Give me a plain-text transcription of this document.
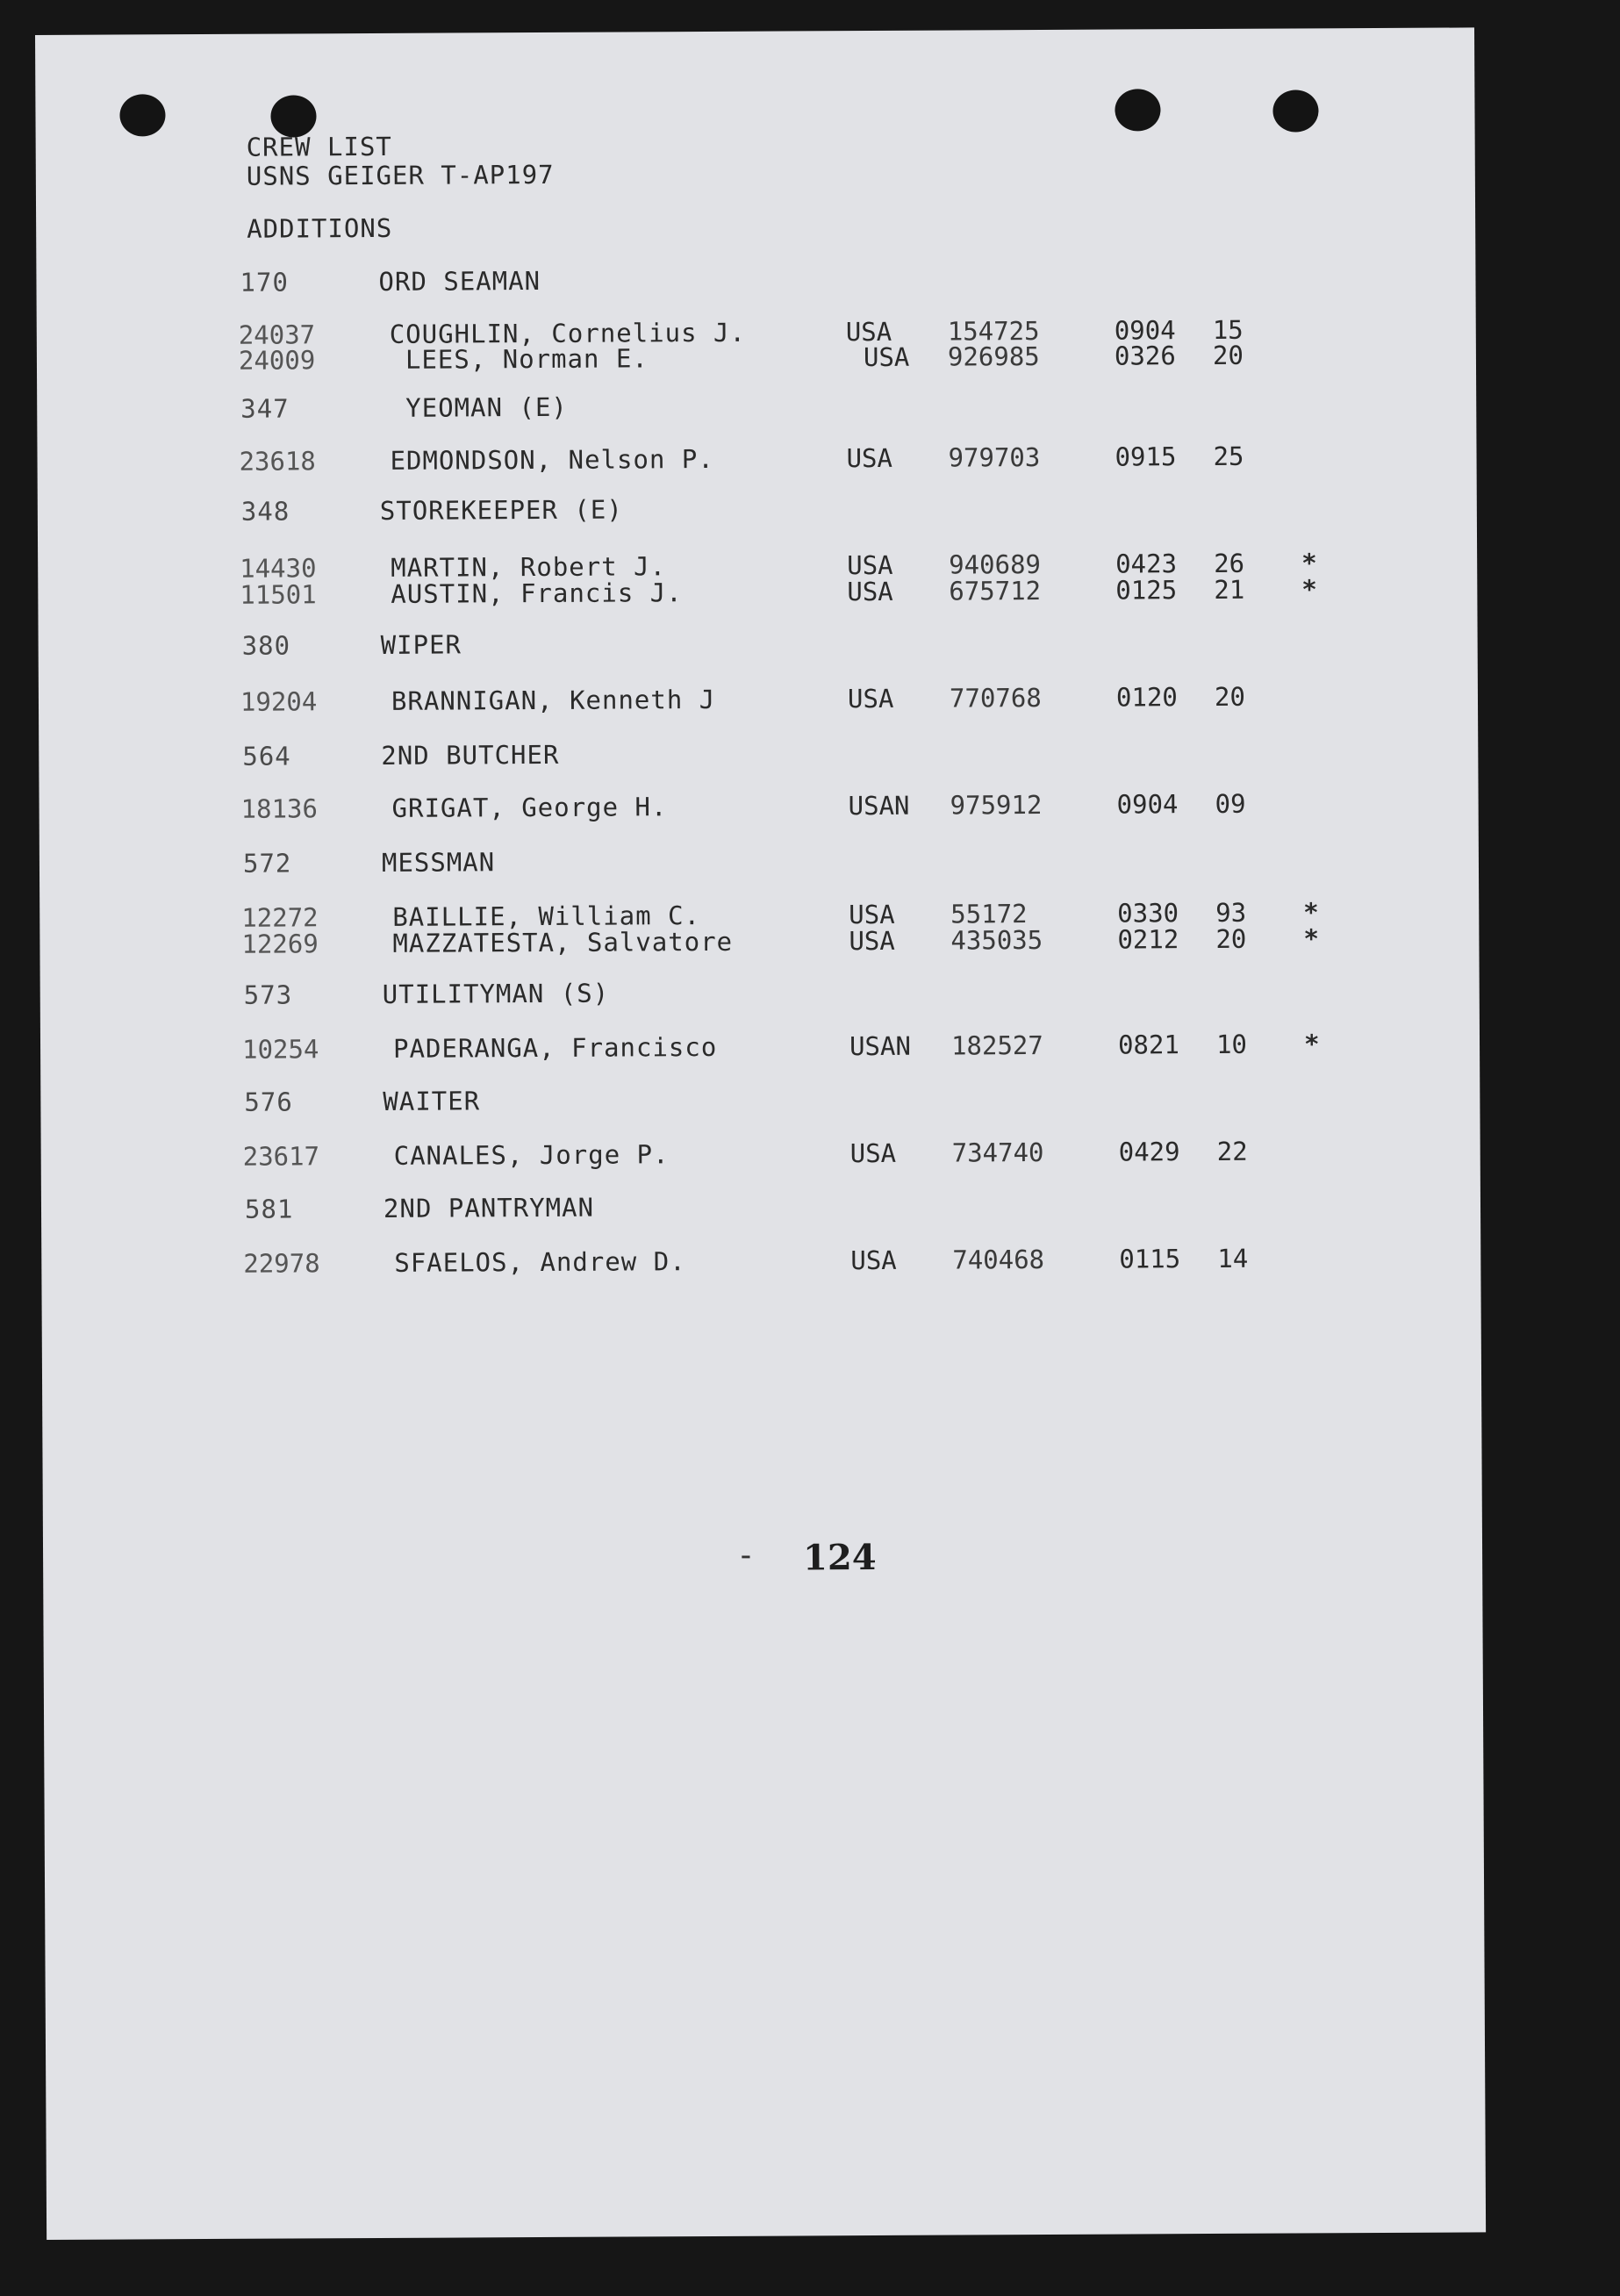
CREW LIST
USNS GEIGER T-AP197
ADDITIONS
170	ORD SEAMAN
24037	COUGHLIN, Cornelius J.	USA 154725	0904 15
24009	LEES, Norman E.	USA 926985	0326 20
347	YEOMAN (E)
23618	EDMONDSON, Nelson P.	USA 979703	0915 25
348	STOREKEEPER (E)
14430	MARTIN, Robert J.	USA 940689	0423 26 *
11501	AUSTIN, Francis J.	USA 675712	0125 21 *
380	WIPER
19204	BRANNIGAN, Kenneth J	USA 770768	0120 20
564	2ND BUTCHER
18136	GRIGAT, George H.	USAN 975912	0904 09
572	MESSMAN
12272	BAILLIE, William C.	USA 55172	0330 93 *
12269	MAZZATESTA, Salvatore	USA 435035	0212 20 *
573	UTILITYMAN (S)
10254	PADERANGA, Francisco	USAN 182527	0821 10 *
576	WAITER
23617	CANALES, Jorge P.	USA 734740	0429 22
581	2ND PANTRYMAN
22978	SFAELOS, Andrew D.	USA 740468	0115 14
- 124
